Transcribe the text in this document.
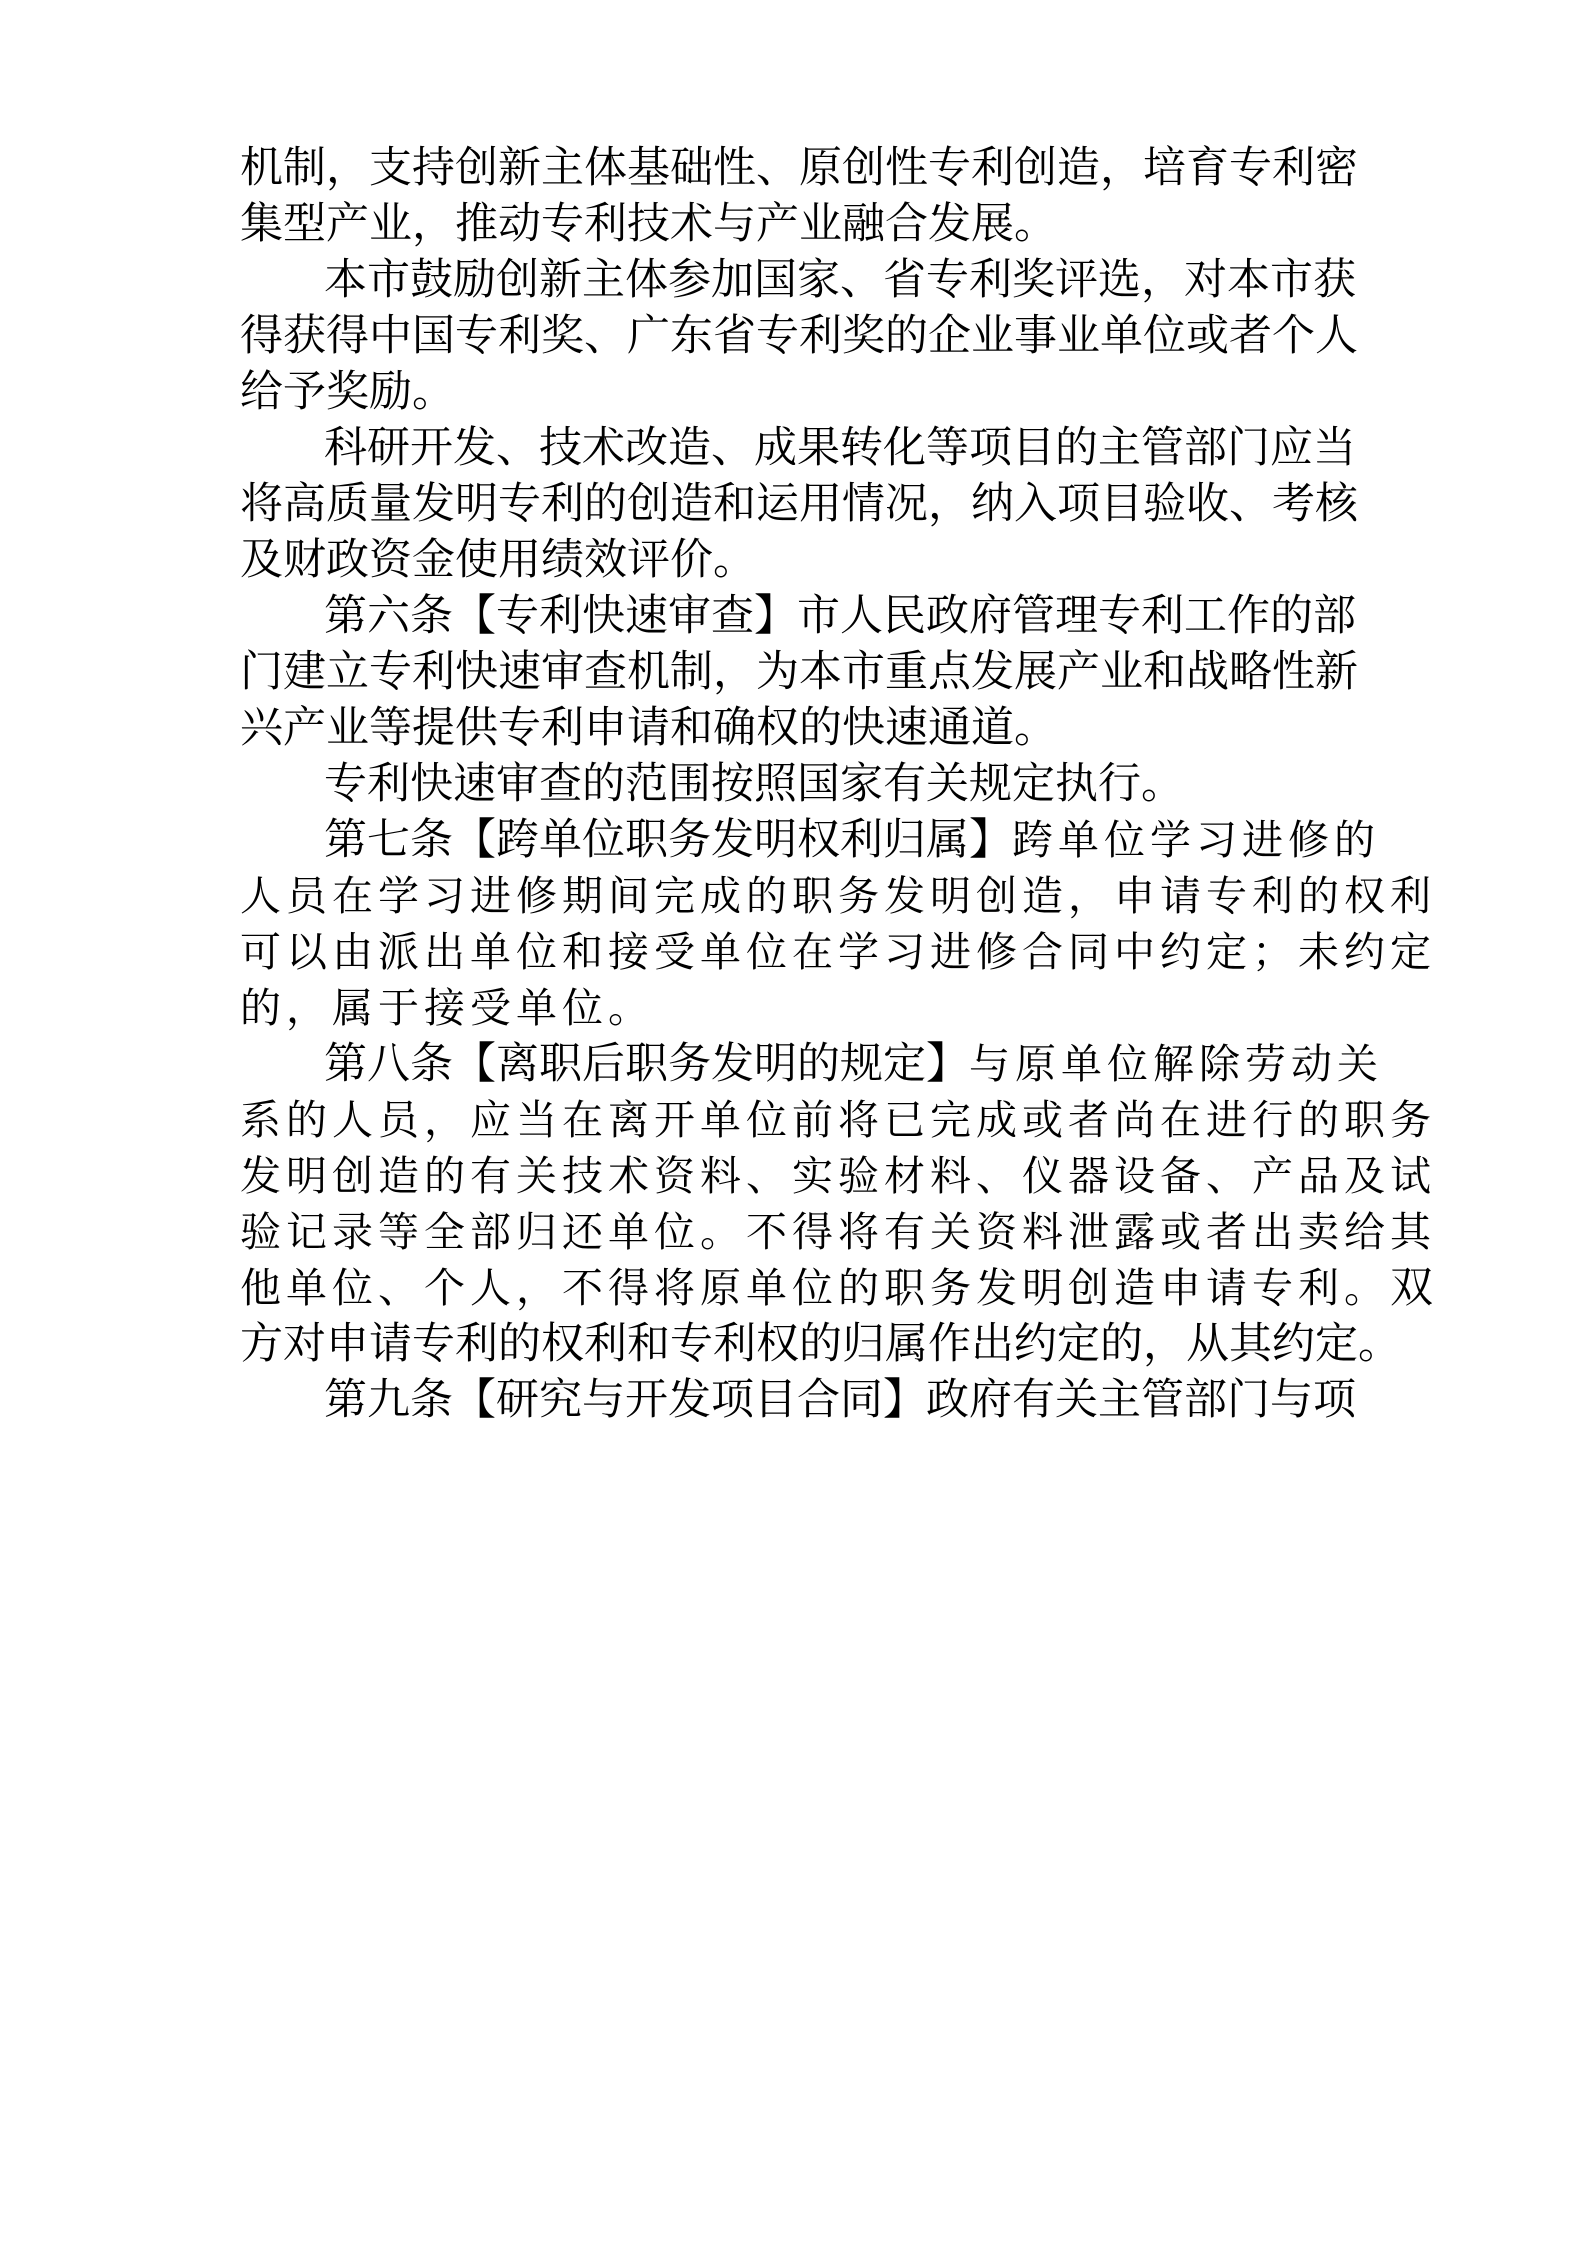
机制，支持创新主体基础性、原创性专利创造，培育专利密
集型产业，推动专利技术与产业融合发展。
本市鼓励创新主体参加国家、省专利奖评选，对本市获
得获得中国专利奖、广东省专利奖的企业事业单位或者个人
给予奖励。
科研开发、技术改造、成果转化等项目的主管部门应当
将高质量发明专利的创造和运用情况，纳入项目验收、考核
及财政资金使用绩效评价。
第六条【专利快速审查】市人民政府管理专利工作的部
门建立专利快速审查机制，为本市重点发展产业和战略性新
兴产业等提供专利申请和确权的快速通道。
专利快速审查的范围按照国家有关规定执行。
第七条【跨单位职务发明权利归属】跨单位学习进修的
人员在学习进修期间完成的职务发明创造，申请专利的权利
可以由派出单位和接受单位在学习进修合同中约定；未约定
的，属于接受单位。
第八条【离职后职务发明的规定】与原单位解除劳动关
系的人员，应当在离开单位前将已完成或者尚在进行的职务
发明创造的有关技术资料、实验材料、仪器设备、产品及试
验记录等全部归还单位。不得将有关资料泄露或者出卖给其
他单位、个人，不得将原单位的职务发明创造申请专利。双
方对申请专利的权利和专利权的归属作出约定的，从其约定。
第九条【研究与开发项目合同】政府有关主管部门与项
